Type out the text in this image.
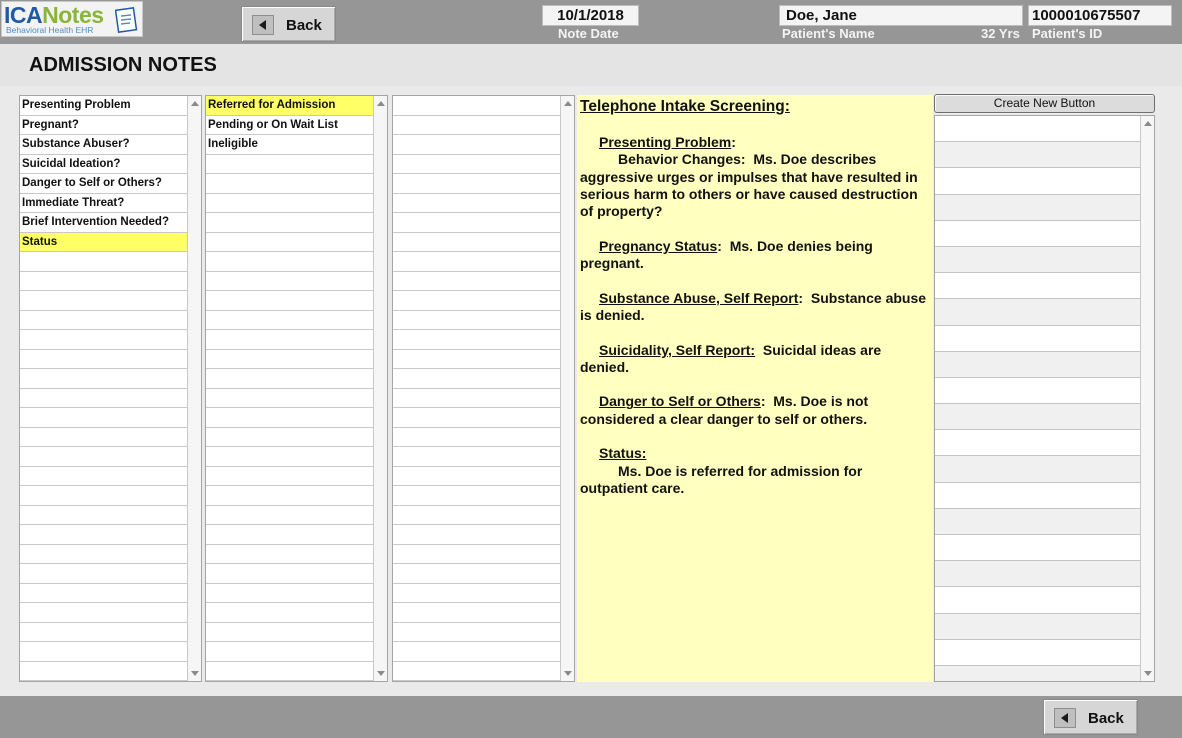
ICANotes
Behavioral Health EHR	Back
10/1/2018
Note Date
Doe, Jane
Patient's Name	32 Yrs
1000010675507
Patient's ID
ADMISSION NOTES
Presenting Problem
Pregnant?
Substance Abuser?
Suicidal Ideation?
Danger to Self or Others?
Immediate Threat?
Brief Intervention Needed?
Status
Referred for Admission
Pending or On Wait List
Ineligible
Telephone Intake Screening:
Presenting Problem:
Behavior Changes: Ms. Doe describes aggressive urges or impulses that have resulted in serious harm to others or have caused destruction of property?
Pregnancy Status: Ms. Doe denies being pregnant.
Substance Abuse, Self Report: Substance abuse is denied.
Suicidality, Self Report: Suicidal ideas are denied.
Danger to Self or Others: Ms. Doe is not considered a clear danger to self or others.
Status:
Ms. Doe is referred for admission for outpatient care.
Create New Button
Back
